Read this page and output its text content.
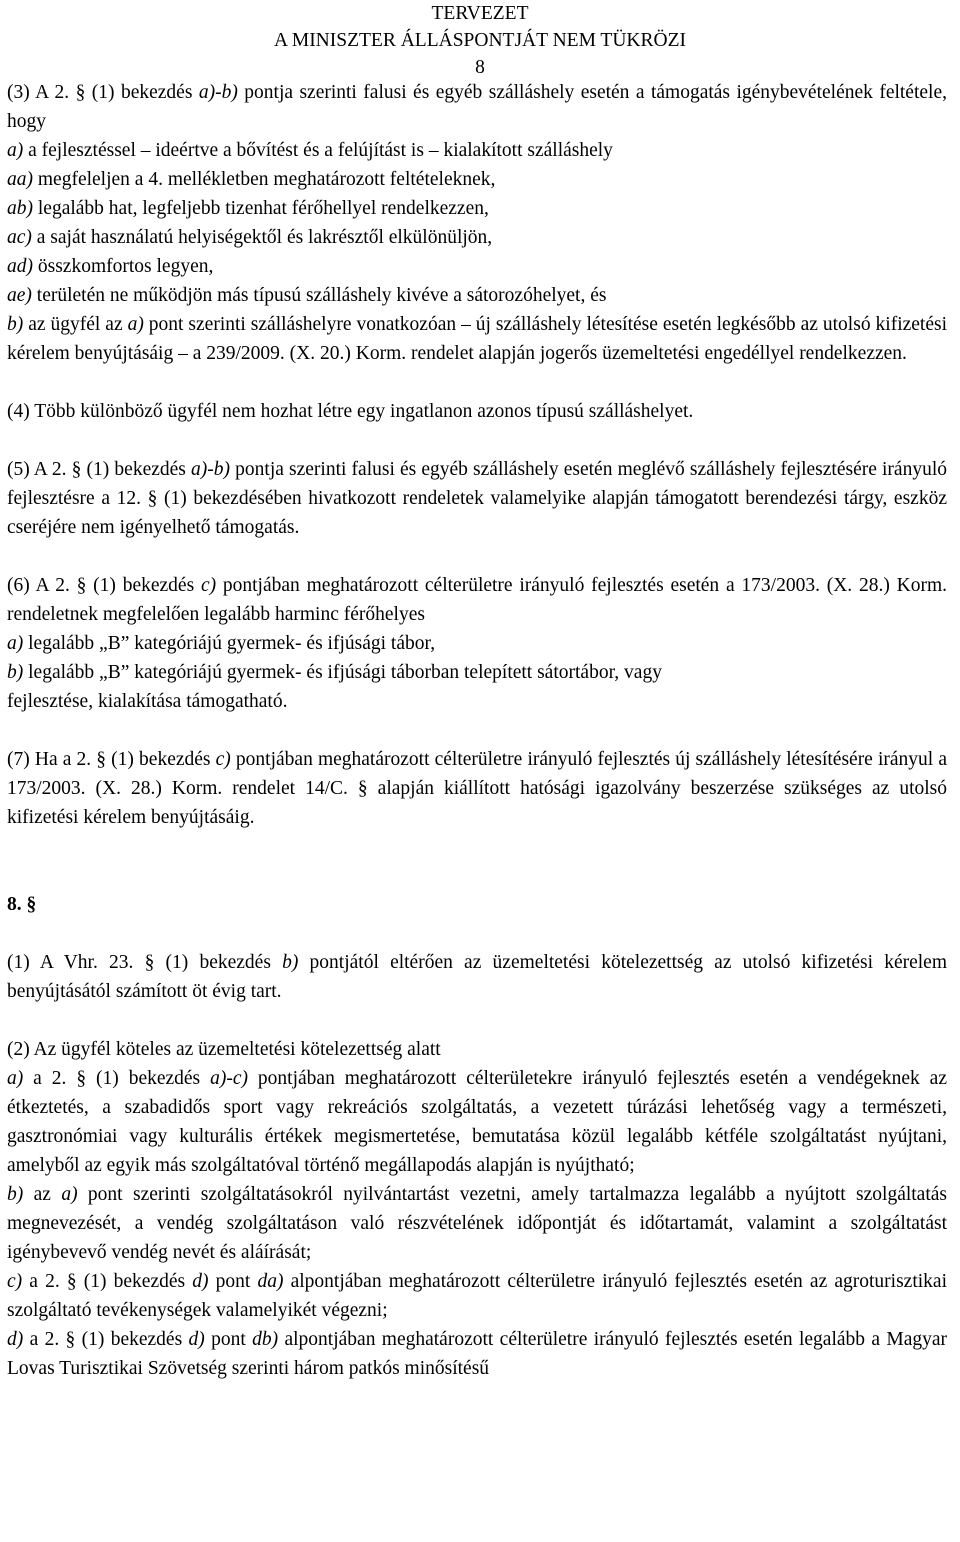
TERVEZET
A MINISZTER ÁLLÁSPONTJÁT NEM TÜKRÖZI
8

(3) A 2. § (1) bekezdés a)-b) pontja szerinti falusi és egyéb szálláshely esetén a támogatás igénybevételének feltétele, hogy

a) a fejlesztéssel – ideértve a bővítést és a felújítást is – kialakított szálláshely

aa) megfeleljen a 4. mellékletben meghatározott feltételeknek,

ab) legalább hat, legfeljebb tizenhat férőhellyel rendelkezzen,

ac) a saját használatú helyiségektől és lakrésztől elkülönüljön,

ad) összkomfortos legyen,

ae) területén ne működjön más típusú szálláshely kivéve a sátorozóhelyet, és

b) az ügyfél az a) pont szerinti szálláshelyre vonatkozóan – új szálláshely létesítése esetén legkésőbb az utolsó kifizetési kérelem benyújtásáig – a 239/2009. (X. 20.) Korm. rendelet alapján jogerős üzemeltetési engedéllyel rendelkezzen.

(4) Több különböző ügyfél nem hozhat létre egy ingatlanon azonos típusú szálláshelyet.

(5) A 2. § (1) bekezdés a)-b) pontja szerinti falusi és egyéb szálláshely esetén meglévő szálláshely fejlesztésére irányuló fejlesztésre a 12. § (1) bekezdésében hivatkozott rendeletek valamelyike alapján támogatott berendezési tárgy, eszköz cseréjére nem igényelhető támogatás.

(6) A 2. § (1) bekezdés c) pontjában meghatározott célterületre irányuló fejlesztés esetén a 173/2003. (X. 28.) Korm. rendeletnek megfelelően legalább harminc férőhelyes

a) legalább „B” kategóriájú gyermek- és ifjúsági tábor,

b) legalább „B” kategóriájú gyermek- és ifjúsági táborban telepített sátortábor, vagy

fejlesztése, kialakítása támogatható.

(7) Ha a 2. § (1) bekezdés c) pontjában meghatározott célterületre irányuló fejlesztés új szálláshely létesítésére irányul a 173/2003. (X. 28.) Korm. rendelet 14/C. § alapján kiállított hatósági igazolvány beszerzése szükséges az utolsó kifizetési kérelem benyújtásáig.

8. §

(1) A Vhr. 23. § (1) bekezdés b) pontjától eltérően az üzemeltetési kötelezettség az utolsó kifizetési kérelem benyújtásától számított öt évig tart.

(2) Az ügyfél köteles az üzemeltetési kötelezettség alatt

a) a 2. § (1) bekezdés a)-c) pontjában meghatározott célterületekre irányuló fejlesztés esetén a vendégeknek az étkeztetés, a szabadidős sport vagy rekreációs szolgáltatás, a vezetett túrázási lehetőség vagy a természeti, gasztronómiai vagy kulturális értékek megismertetése, bemutatása közül legalább kétféle szolgáltatást nyújtani, amelyből az egyik más szolgáltatóval történő megállapodás alapján is nyújtható;

b) az a) pont szerinti szolgáltatásokról nyilvántartást vezetni, amely tartalmazza legalább a nyújtott szolgáltatás megnevezését, a vendég szolgáltatáson való részvételének időpontját és időtartamát, valamint a szolgáltatást igénybevevő vendég nevét és aláírását;

c) a 2. § (1) bekezdés d) pont da) alpontjában meghatározott célterületre irányuló fejlesztés esetén az agroturisztikai szolgáltató tevékenységek valamelyikét végezni;

d) a 2. § (1) bekezdés d) pont db) alpontjában meghatározott célterületre irányuló fejlesztés esetén legalább a Magyar Lovas Turisztikai Szövetség szerinti három patkós minősítésű
